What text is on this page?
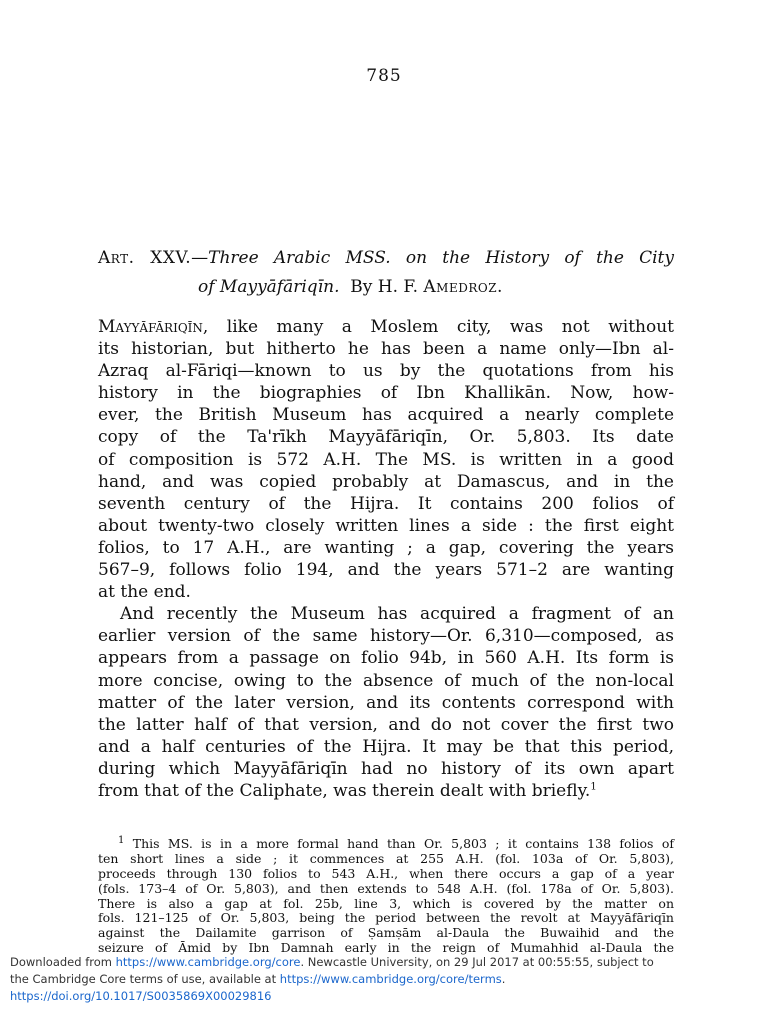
785
Art. XXV.—Three Arabic MSS. on the History of the City
of Mayyāfāriqīn. By H. F. Amedroz.
Mayyāfāriqīn, like many a Moslem city, was not without
its historian, but hitherto he has been a name only—Ibn al-
Azraq al-Fāriqi—known to us by the quotations from his
history in the biographies of Ibn Khallikān. Now, how-
ever, the British Museum has acquired a nearly complete
copy of the Ta'rīkh Mayyāfāriqīn, Or. 5,803. Its date
of composition is 572 A.H. The MS. is written in a good
hand, and was copied probably at Damascus, and in the
seventh century of the Hijra. It contains 200 folios of
about twenty-two closely written lines a side : the first eight
folios, to 17 A.H., are wanting ; a gap, covering the years
567–9, follows folio 194, and the years 571–2 are wanting
at the end.
And recently the Museum has acquired a fragment of an
earlier version of the same history—Or. 6,310—composed, as
appears from a passage on folio 94b, in 560 A.H. Its form is
more concise, owing to the absence of much of the non-local
matter of the later version, and its contents correspond with
the latter half of that version, and do not cover the first two
and a half centuries of the Hijra. It may be that this period,
during which Mayyāfāriqīn had no history of its own apart
from that of the Caliphate, was therein dealt with briefly.$^1$
$^1$ This MS. is in a more formal hand than Or. 5,803 ; it contains 138 folios of
ten short lines a side ; it commences at 255 A.H. (fol. 103a of Or. 5,803),
proceeds through 130 folios to 543 A.H., when there occurs a gap of a year
(fols. 173–4 of Or. 5,803), and then extends to 548 A.H. (fol. 178a of Or. 5,803).
There is also a gap at fol. 25b, line 3, which is covered by the matter on
fols. 121–125 of Or. 5,803, being the period between the revolt at Mayyāfāriqīn
against the Dailamite garrison of Ṣamṣām al-Daula the Buwaihid and the
seizure of Āmid by Ibn Damnah early in the reign of Mumahhid al-Daula the
Downloaded from https://www.cambridge.org/core. Newcastle University, on 29 Jul 2017 at 00:55:55, subject to
the Cambridge Core terms of use, available at https://www.cambridge.org/core/terms.
https://doi.org/10.1017/S0035869X00029816
